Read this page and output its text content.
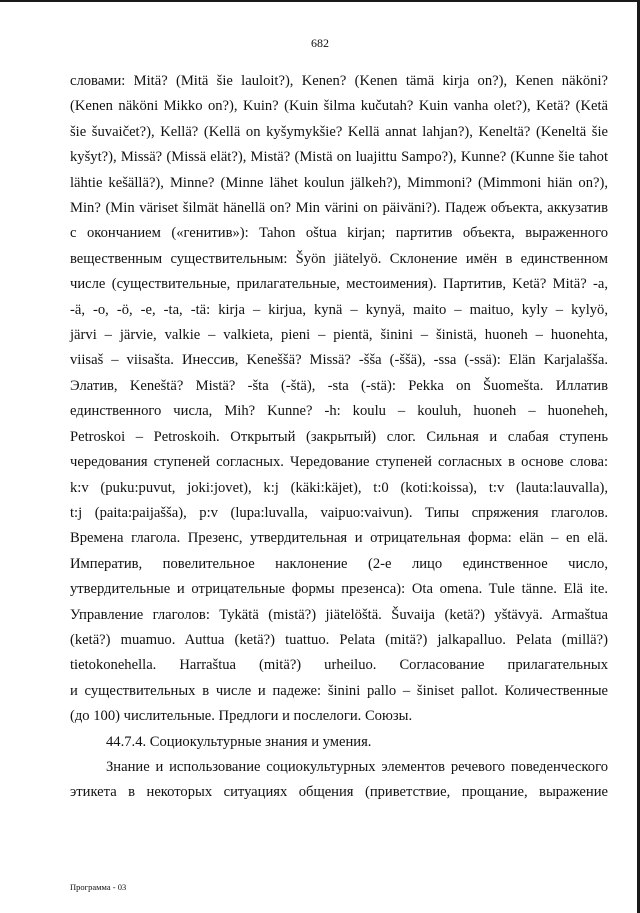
682
словами: Mitä? (Mitä šie lauloit?), Kenen? (Kenen tämä kirja on?), Kenen näköni?
(Kenen näköni Mikko on?), Kuin? (Kuin šilma kučutah? Kuin vanha olet?), Ketä? (Ketä
šie šuvaičet?), Kellä? (Kellä on kyšymykšie? Kellä annat lahjan?), Keneltä? (Keneltä šie
kyšyt?), Missä? (Missä elät?), Mistä? (Mistä on luajittu Sampo?), Kunne? (Kunne šie tahot
lähtie kešällä?), Minne? (Minne lähet koulun jälkeh?), Mimmoni? (Mimmoni hiän on?),
Min? (Min väriset šilmät hänellä on? Min värini on päiväni?). Падеж объекта, аккузатив
с окончанием («генитив»): Tahon oštua kirjan; партитив объекта, выраженного
вещественным существительным: Šyön jiätelyö. Склонение имён в единственном
числе (существительные, прилагательные, местоимения). Партитив, Ketä? Mitä? -a,
-ä, -o, -ö, -e, -ta, -tä: kirja – kirjua, kynä – kynyä, maito – maituo, kyly – kylyö,
järvi – järvie, valkie – valkieta, pieni – pientä, šinini – šinistä, huoneh – huonehta,
viisaš – viisašta. Инессив, Keneššä? Missä? -šša (-ššä), -ssa (-ssä): Elän Karjalašša.
Элатив, Keneštä? Mistä? -šta (-štä), -sta (-stä): Pekka on Šuomešta. Иллатив
единственного числа, Mih? Kunne? -h: koulu – kouluh, huoneh – huoneheh,
Petroskoi – Petroskoih. Открытый (закрытый) слог. Сильная и слабая ступень
чередования ступеней согласных. Чередование ступеней согласных в основе слова:
k:v (puku:puvut, joki:jovet), k:j (käki:käjet), t:0 (koti:koissa), t:v (lauta:lauvalla),
t:j (paita:paijašša), p:v (lupa:luvalla, vaipuo:vaivun). Типы спряжения глаголов.
Времена глагола. Презенс, утвердительная и отрицательная форма: elän – en elä.
Императив, повелительное наклонение (2-е лицо единственное число,
утвердительные и отрицательные формы презенса): Ota omena. Tule tänne. Elä ite.
Управление глаголов: Tykätä (mistä?) jiätelöštä. Šuvaija (ketä?) yštävyä. Armaštua
(ketä?) muamuo. Auttua (ketä?) tuattuo. Pelata (mitä?) jalkapalluo. Pelata (millä?)
tietokonehella. Harraštua (mitä?) urheiluo. Согласование прилагательных
и существительных в числе и падеже: šinini pallo – šiniset pallot. Количественные
(до 100) числительные. Предлоги и послелоги. Союзы.
44.7.4. Социокультурные знания и умения.
Знание и использование социокультурных элементов речевого поведенческого
этикета в некоторых ситуациях общения (приветствие, прощание, выражение
Программа - 03
